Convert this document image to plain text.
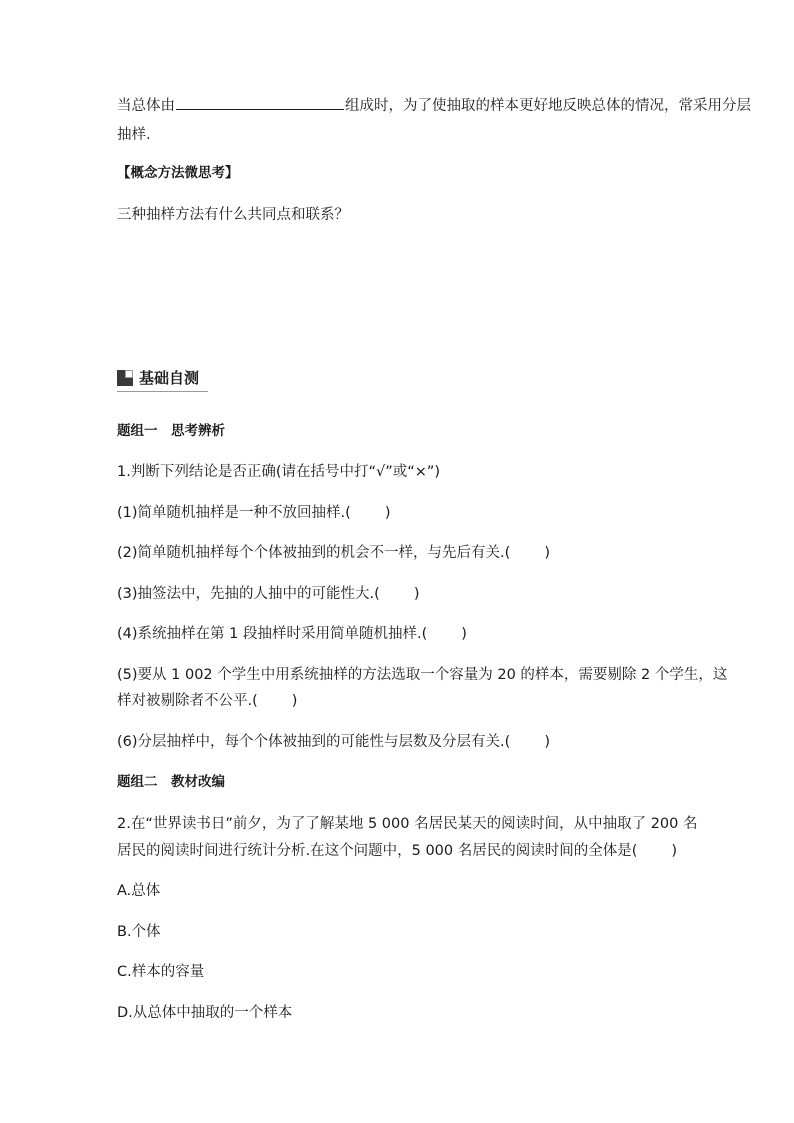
当总体由	组成时，为了使抽取的样本更好地反映总体的情况，常采用分层
抽样.
【概念方法微思考】
三种抽样方法有什么共同点和联系？
基础自测
题组一　思考辨析
1.判断下列结论是否正确(请在括号中打“√”或“×”)
(1)简单随机抽样是一种不放回抽样.( )
(2)简单随机抽样每个个体被抽到的机会不一样，与先后有关.( )
(3)抽签法中，先抽的人抽中的可能性大.( )
(4)系统抽样在第 1 段抽样时采用简单随机抽样.( )
(5)要从 1 002 个学生中用系统抽样的方法选取一个容量为 20 的样本，需要剔除 2 个学生，这
样对被剔除者不公平.( )
(6)分层抽样中，每个个体被抽到的可能性与层数及分层有关.( )
题组二　教材改编
2.在“世界读书日”前夕，为了了解某地 5 000 名居民某天的阅读时间，从中抽取了 200 名
居民的阅读时间进行统计分析.在这个问题中，5 000 名居民的阅读时间的全体是( )
A.总体
B.个体
C.样本的容量
D.从总体中抽取的一个样本
